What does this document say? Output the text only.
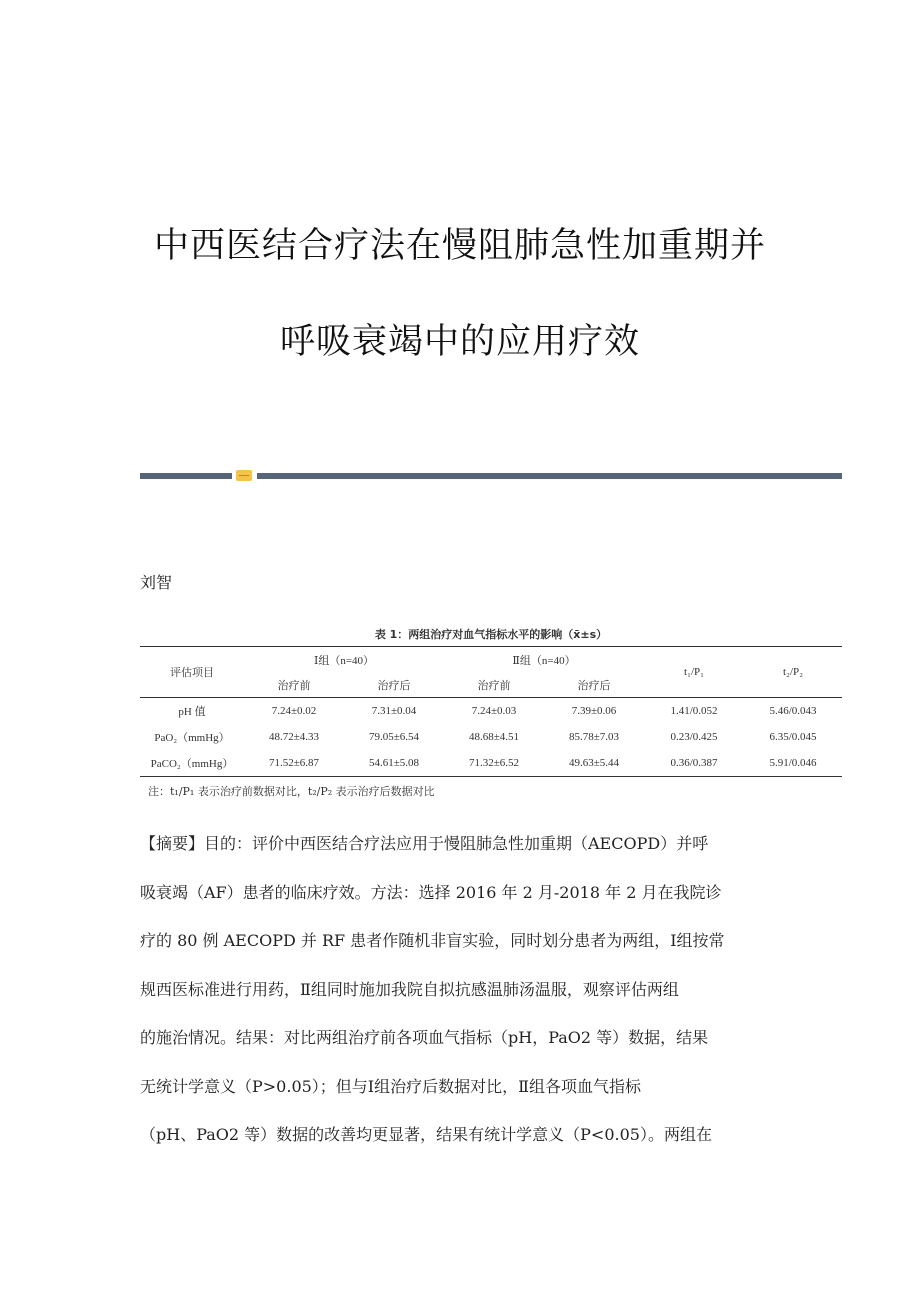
中西医结合疗法在慢阻肺急性加重期并
呼吸衰竭中的应用疗效
刘智
表 1：两组治疗对血气指标水平的影响（x̄±s）
评估项目	Ⅰ组（n=40）		Ⅱ组（n=40）		t₁/P₁	t₂/P₂
	治疗前	治疗后	治疗前	治疗后		
pH 值	7.24±0.02	7.31±0.04	7.24±0.03	7.39±0.06	1.41/0.052	5.46/0.043
PaO₂（mmHg）	48.72±4.33	79.05±6.54	48.68±4.51	85.78±7.03	0.23/0.425	6.35/0.045
PaCO₂（mmHg）	71.52±6.87	54.61±5.08	71.32±6.52	49.63±5.44	0.36/0.387	5.91/0.046
注：t₁/P₁ 表示治疗前数据对比，t₂/P₂ 表示治疗后数据对比

【摘要】目的：评价中西医结合疗法应用于慢阻肺急性加重期（AECOPD）并呼

吸衰竭（AF）患者的临床疗效。方法：选择 2016 年 2 月-2018 年 2 月在我院诊

疗的 80 例 AECOPD 并 RF 患者作随机非盲实验，同时划分患者为两组，Ⅰ组按常

规西医标准进行用药，Ⅱ组同时施加我院自拟抗感温肺汤温服，观察评估两组

的施治情况。结果：对比两组治疗前各项血气指标（pH，PaO2 等）数据，结果

无统计学意义（P>0.05）；但与Ⅰ组治疗后数据对比，Ⅱ组各项血气指标

（pH、PaO2 等）数据的改善均更显著，结果有统计学意义（P<0.05）。两组在
